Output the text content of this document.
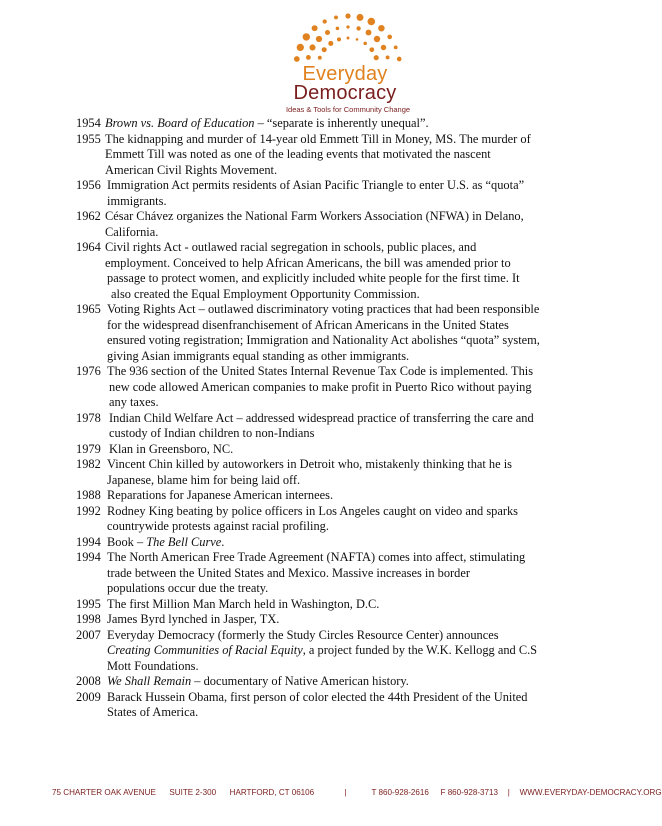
Everyday
Democracy
Ideas & Tools for Community Change
1954 Brown vs. Board of Education – “separate is inherently unequal”.
1955 The kidnapping and murder of 14-year old Emmett Till in Money, MS. The murder of
Emmett Till was noted as one of the leading events that motivated the nascent
American Civil Rights Movement.
1956 Immigration Act permits residents of Asian Pacific Triangle to enter U.S. as “quota”
immigrants.
1962 César Chávez organizes the National Farm Workers Association (NFWA) in Delano,
California.
1964 Civil rights Act - outlawed racial segregation in schools, public places, and
employment. Conceived to help African Americans, the bill was amended prior to
passage to protect women, and explicitly included white people for the first time. It
also created the Equal Employment Opportunity Commission.
1965 Voting Rights Act – outlawed discriminatory voting practices that had been responsible
for the widespread disenfranchisement of African Americans in the United States
ensured voting registration; Immigration and Nationality Act abolishes “quota” system,
giving Asian immigrants equal standing as other immigrants.
1976 The 936 section of the United States Internal Revenue Tax Code is implemented. This
new code allowed American companies to make profit in Puerto Rico without paying
any taxes.
1978 Indian Child Welfare Act – addressed widespread practice of transferring the care and
custody of Indian children to non-Indians
1979 Klan in Greensboro, NC.
1982 Vincent Chin killed by autoworkers in Detroit who, mistakenly thinking that he is
Japanese, blame him for being laid off.
1988 Reparations for Japanese American internees.
1992 Rodney King beating by police officers in Los Angeles caught on video and sparks
countrywide protests against racial profiling.
1994 Book – The Bell Curve.
1994 The North American Free Trade Agreement (NAFTA) comes into affect, stimulating
trade between the United States and Mexico. Massive increases in border
populations occur due the treaty.
1995 The first Million Man March held in Washington, D.C.
1998 James Byrd lynched in Jasper, TX.
2007 Everyday Democracy (formerly the Study Circles Resource Center) announces
Creating Communities of Racial Equity, a project funded by the W.K. Kellogg and C.S
Mott Foundations.
2008 We Shall Remain – documentary of Native American history.
2009 Barack Hussein Obama, first person of color elected the 44th President of the United
States of America.
75 CHARTER OAK AVENUE SUITE 2-300 HARTFORD, CT 06106	|	T 860-928-2616 F 860-928-3713 | WWW.EVERYDAY-DEMOCRACY.ORG
